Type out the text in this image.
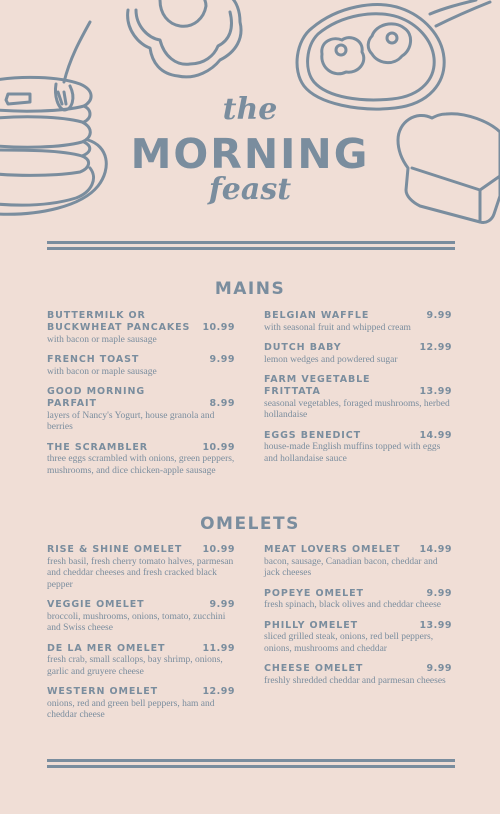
the
MORNING
feast
MAINS
BUTTERMILK OR BUCKWHEAT PANCAKES	10.99
with bacon or maple sausage
FRENCH TOAST	9.99
with bacon or maple sausage
GOOD MORNING PARFAIT	8.99
layers of Nancy's Yogurt, house granola and berries
THE SCRAMBLER	10.99
three eggs scrambled with onions, green peppers, mushrooms, and dice chicken-apple sausage
BELGIAN WAFFLE	9.99
with seasonal fruit and whipped cream
DUTCH BABY	12.99
lemon wedges and powdered sugar
FARM VEGETABLE FRITTATA	13.99
seasonal vegetables, foraged mushrooms, herbed hollandaise
EGGS BENEDICT	14.99
house-made English muffins topped with eggs and hollandaise sauce
OMELETS
RISE & SHINE OMELET 10.99
fresh basil, fresh cherry tomato halves, parmesan and cheddar cheeses and fresh cracked black pepper
VEGGIE OMELET	9.99
broccoli, mushrooms, onions, tomato, zucchini and Swiss cheese
DE LA MER OMELET	11.99
fresh crab, small scallops, bay shrimp, onions, garlic and gruyere cheese
WESTERN OMELET	12.99
onions, red and green bell peppers, ham and cheddar cheese
MEAT LOVERS OMELET 14.99
bacon, sausage, Canadian bacon, cheddar and jack cheeses
POPEYE OMELET	9.99
fresh spinach, black olives and cheddar cheese
PHILLY OMELET	13.99
sliced grilled steak, onions, red bell peppers, onions, mushrooms and cheddar
CHEESE OMELET	9.99
freshly shredded cheddar and parmesan cheeses
